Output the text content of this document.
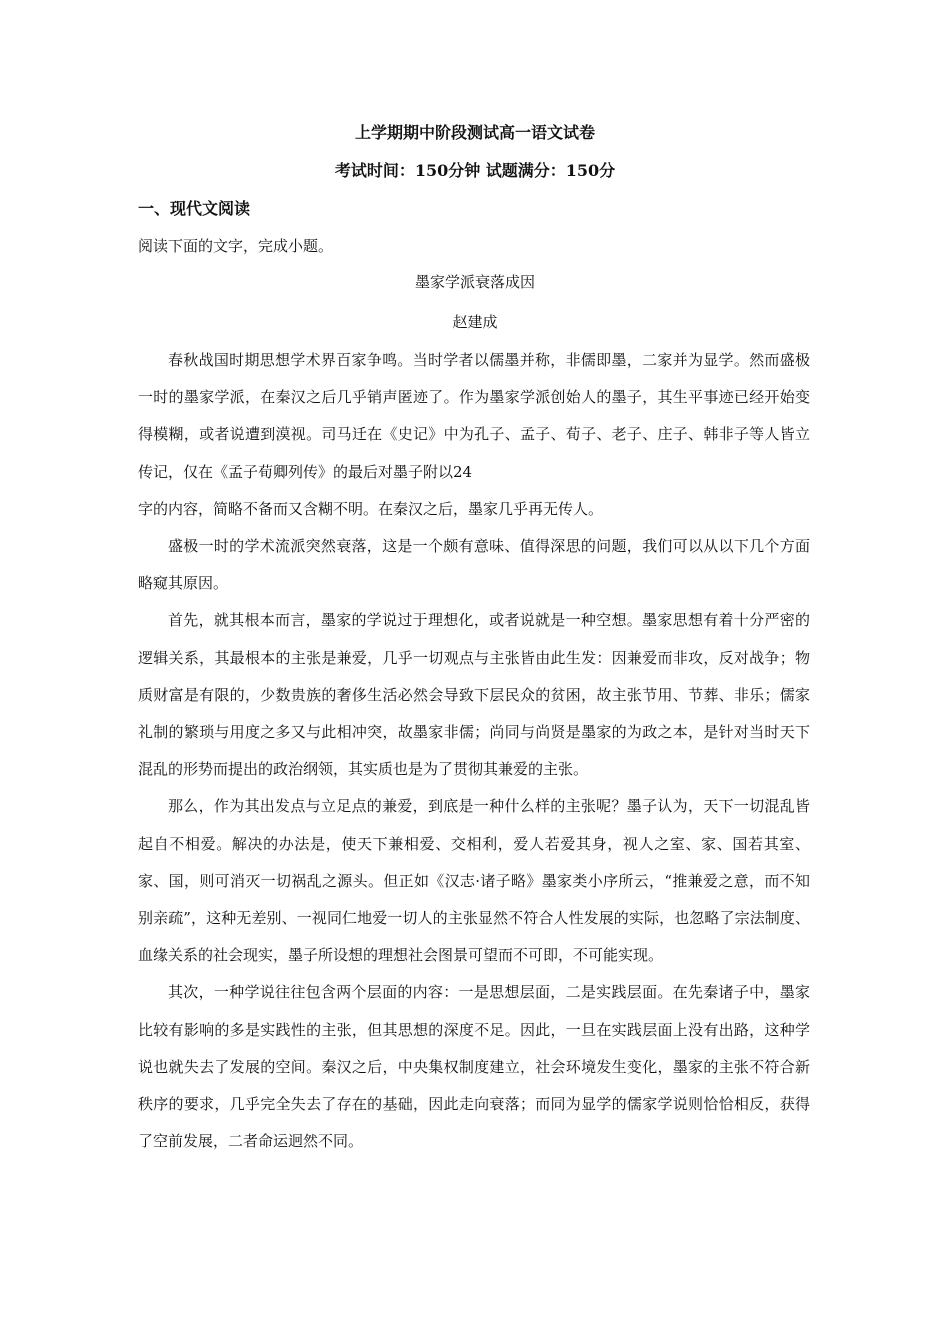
上学期期中阶段测试高一语文试卷
考试时间：150分钟 试题满分：150分
一、现代文阅读
阅读下面的文字，完成小题。
墨家学派衰落成因
赵建成

春秋战国时期思想学术界百家争鸣。当时学者以儒墨并称，非儒即墨，二家并为显学。然而盛极一时的墨家学派，在秦汉之后几乎销声匿迹了。作为墨家学派创始人的墨子，其生平事迹已经开始变得模糊，或者说遭到漠视。司马迁在《史记》中为孔子、孟子、荀子、老子、庄子、韩非子等人皆立传记，仅在《孟子荀卿列传》的最后对墨子附以24

字的内容，简略不备而又含糊不明。在秦汉之后，墨家几乎再无传人。

盛极一时的学术流派突然衰落，这是一个颇有意味、值得深思的问题，我们可以从以下几个方面略窥其原因。

首先，就其根本而言，墨家的学说过于理想化，或者说就是一种空想。墨家思想有着十分严密的逻辑关系，其最根本的主张是兼爱，几乎一切观点与主张皆由此生发：因兼爱而非攻，反对战争；物质财富是有限的，少数贵族的奢侈生活必然会导致下层民众的贫困，故主张节用、节葬、非乐；儒家礼制的繁琐与用度之多又与此相冲突，故墨家非儒；尚同与尚贤是墨家的为政之本，是针对当时天下混乱的形势而提出的政治纲领，其实质也是为了贯彻其兼爱的主张。

那么，作为其出发点与立足点的兼爱，到底是一种什么样的主张呢？墨子认为，天下一切混乱皆起自不相爱。解决的办法是，使天下兼相爱、交相利，爱人若爱其身，视人之室、家、国若其室、家、国，则可消灭一切祸乱之源头。但正如《汉志·诸子略》墨家类小序所云，“推兼爱之意，而不知别亲疏”，这种无差别、一视同仁地爱一切人的主张显然不符合人性发展的实际，也忽略了宗法制度、血缘关系的社会现实，墨子所设想的理想社会图景可望而不可即，不可能实现。

其次，一种学说往往包含两个层面的内容：一是思想层面，二是实践层面。在先秦诸子中，墨家比较有影响的多是实践性的主张，但其思想的深度不足。因此，一旦在实践层面上没有出路，这种学说也就失去了发展的空间。秦汉之后，中央集权制度建立，社会环境发生变化，墨家的主张不符合新秩序的要求，几乎完全失去了存在的基础，因此走向衰落；而同为显学的儒家学说则恰恰相反，获得了空前发展，二者命运迥然不同。
